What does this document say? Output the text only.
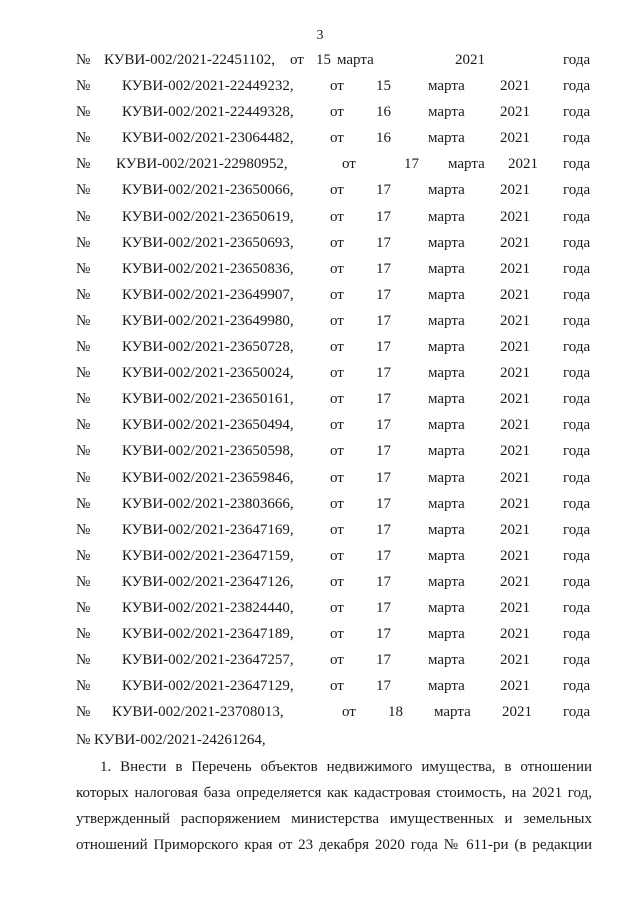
3
№ КУВИ-002/2021-22451102, от 15 марта	2021	года
№ КУВИ-002/2021-22449232, от 15 марта 2021 года
№ КУВИ-002/2021-22449328, от 16 марта 2021 года
№ КУВИ-002/2021-23064482, от 16 марта 2021 года
№ КУВИ-002/2021-22980952,	от	17 марта 2021 года
№ КУВИ-002/2021-23650066, от 17 марта 2021 года
№ КУВИ-002/2021-23650619, от 17 марта 2021 года
№ КУВИ-002/2021-23650693, от 17 марта 2021 года
№ КУВИ-002/2021-23650836, от 17 марта 2021 года
№ КУВИ-002/2021-23649907, от 17 марта 2021 года
№ КУВИ-002/2021-23649980, от 17 марта 2021 года
№ КУВИ-002/2021-23650728, от 17 марта 2021 года
№ КУВИ-002/2021-23650024, от 17 марта 2021 года
№ КУВИ-002/2021-23650161, от 17 марта 2021 года
№ КУВИ-002/2021-23650494, от 17 марта 2021 года
№ КУВИ-002/2021-23650598, от 17 марта 2021 года
№ КУВИ-002/2021-23659846, от 17 марта 2021 года
№ КУВИ-002/2021-23803666, от 17 марта 2021 года
№ КУВИ-002/2021-23647169, от 17 марта 2021 года
№ КУВИ-002/2021-23647159, от 17 марта 2021 года
№ КУВИ-002/2021-23647126, от 17 марта 2021 года
№ КУВИ-002/2021-23824440, от 17 марта 2021 года
№ КУВИ-002/2021-23647189, от 17 марта 2021 года
№ КУВИ-002/2021-23647257, от 17 марта 2021 года
№ КУВИ-002/2021-23647129, от 17 марта 2021 года
№ КУВИ-002/2021-23708013,	от 18 марта 2021 года
№ КУВИ-002/2021-24261264,
1. Внести в Перечень объектов недвижимого имущества, в отношении
которых налоговая база определяется как кадастровая стоимость, на 2021 год,
утвержденный распоряжением министерства имущественных и земельных
отношений Приморского края от 23 декабря 2020 года № 611-ри (в редакции
